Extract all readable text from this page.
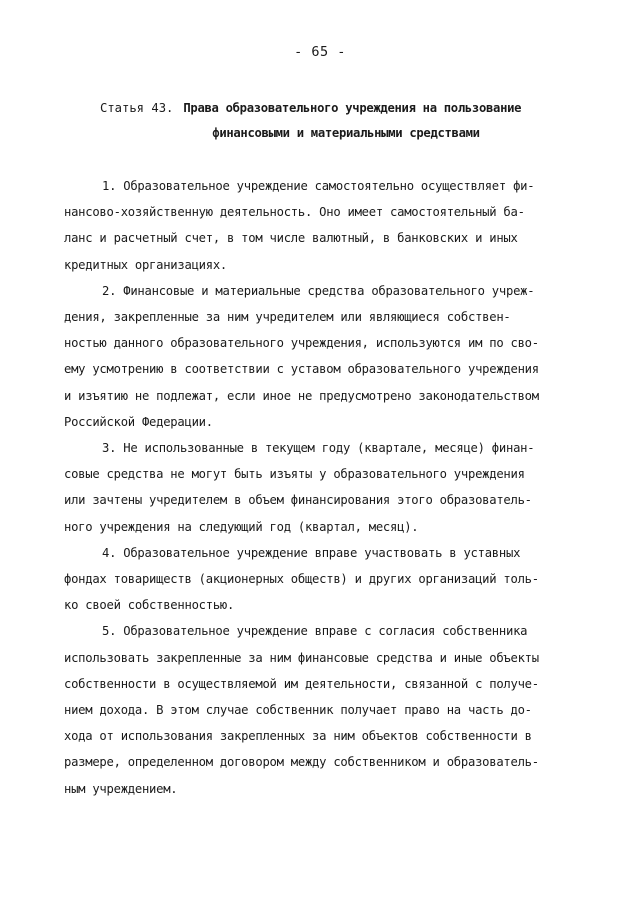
- 65 -
Статья 43. Права образовательного учреждения на пользование
финансовыми и материальными средствами

1. Образовательное учреждение самостоятельно осуществляет фи-
нансово-хозяйственную деятельность. Оно имеет самостоятельный ба-
ланс и расчетный счет, в том числе валютный, в банковских и иных
кредитных организациях.

2. Финансовые и материальные средства образовательного учреж-
дения, закрепленные за ним учредителем или являющиеся собствен-
ностью данного образовательного учреждения, используются им по сво-
ему усмотрению в соответствии с уставом образовательного учреждения
и изъятию не подлежат, если иное не предусмотрено законодательством
Российской Федерации.

3. Не использованные в текущем году (квартале, месяце) финан-
совые средства не могут быть изъяты у образовательного учреждения
или зачтены учредителем в объем финансирования этого образователь-
ного учреждения на следующий год (квартал, месяц).

4. Образовательное учреждение вправе участвовать в уставных
фондах товариществ (акционерных обществ) и других организаций толь-
ко своей собственностью.

5. Образовательное учреждение вправе с согласия собственника
использовать закрепленные за ним финансовые средства и иные объекты
собственности в осуществляемой им деятельности, связанной с получе-
нием дохода. В этом случае собственник получает право на часть до-
хода от использования закрепленных за ним объектов собственности в
размере, определенном договором между собственником и образователь-
ным учреждением.
